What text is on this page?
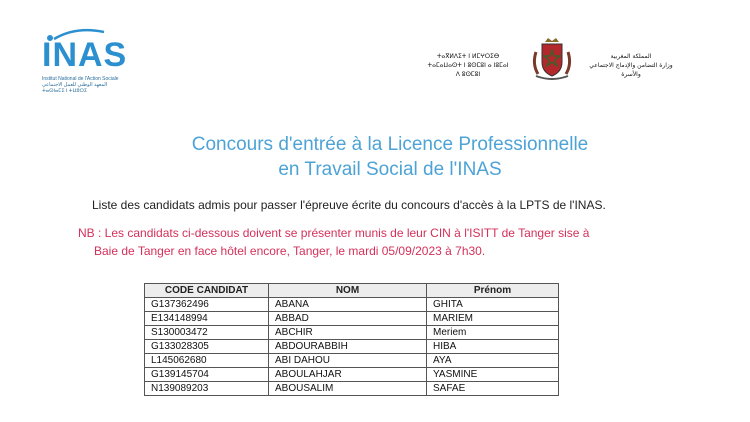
INAS
Institut National de l'Action Sociale
المعهد الوطني للعمل الاجتماعي
ⵜⴰⵙⵏⴰⵎⵉ ⵏ ⵜⵡⵓⵔⵉ
ⵜⴰⴳⵍⴷⵉⵜ ⵏ ⵍⵎⵖⵔⵉⴱ
ⵜⴰⵎⴰⵡⴰⵙⵜ ⵏ ⵓⵙⵎⵓⵏ ⴰ ⵏⵓⵎⴰⵏ
ⴷ ⵓⵙⵎⵓⵏ
المملكة المغربية
وزارة التضامن والإدماج الاجتماعي
والأسرة
Concours d'entrée à la Licence Professionnelle
en Travail Social de l'INAS
Liste des candidats admis pour passer l'épreuve écrite du concours d'accès à la LPTS de l'INAS.
NB : Les candidats ci-dessous doivent se présenter munis de leur CIN à l'ISITT de Tanger sise à
Baie de Tanger en face hôtel encore, Tanger, le mardi 05/09/2023 à 7h30.
CODE CANDIDAT	NOM	Prénom
G137362496	ABANA	GHITA
E134148994	ABBAD	MARIEM
S130003472	ABCHIR	Meriem
G133028305	ABDOURABBIH	HIBA
L145062680	ABI DAHOU	AYA
G139145704	ABOULAHJAR	YASMINE
N139089203	ABOUSALIM	SAFAE
